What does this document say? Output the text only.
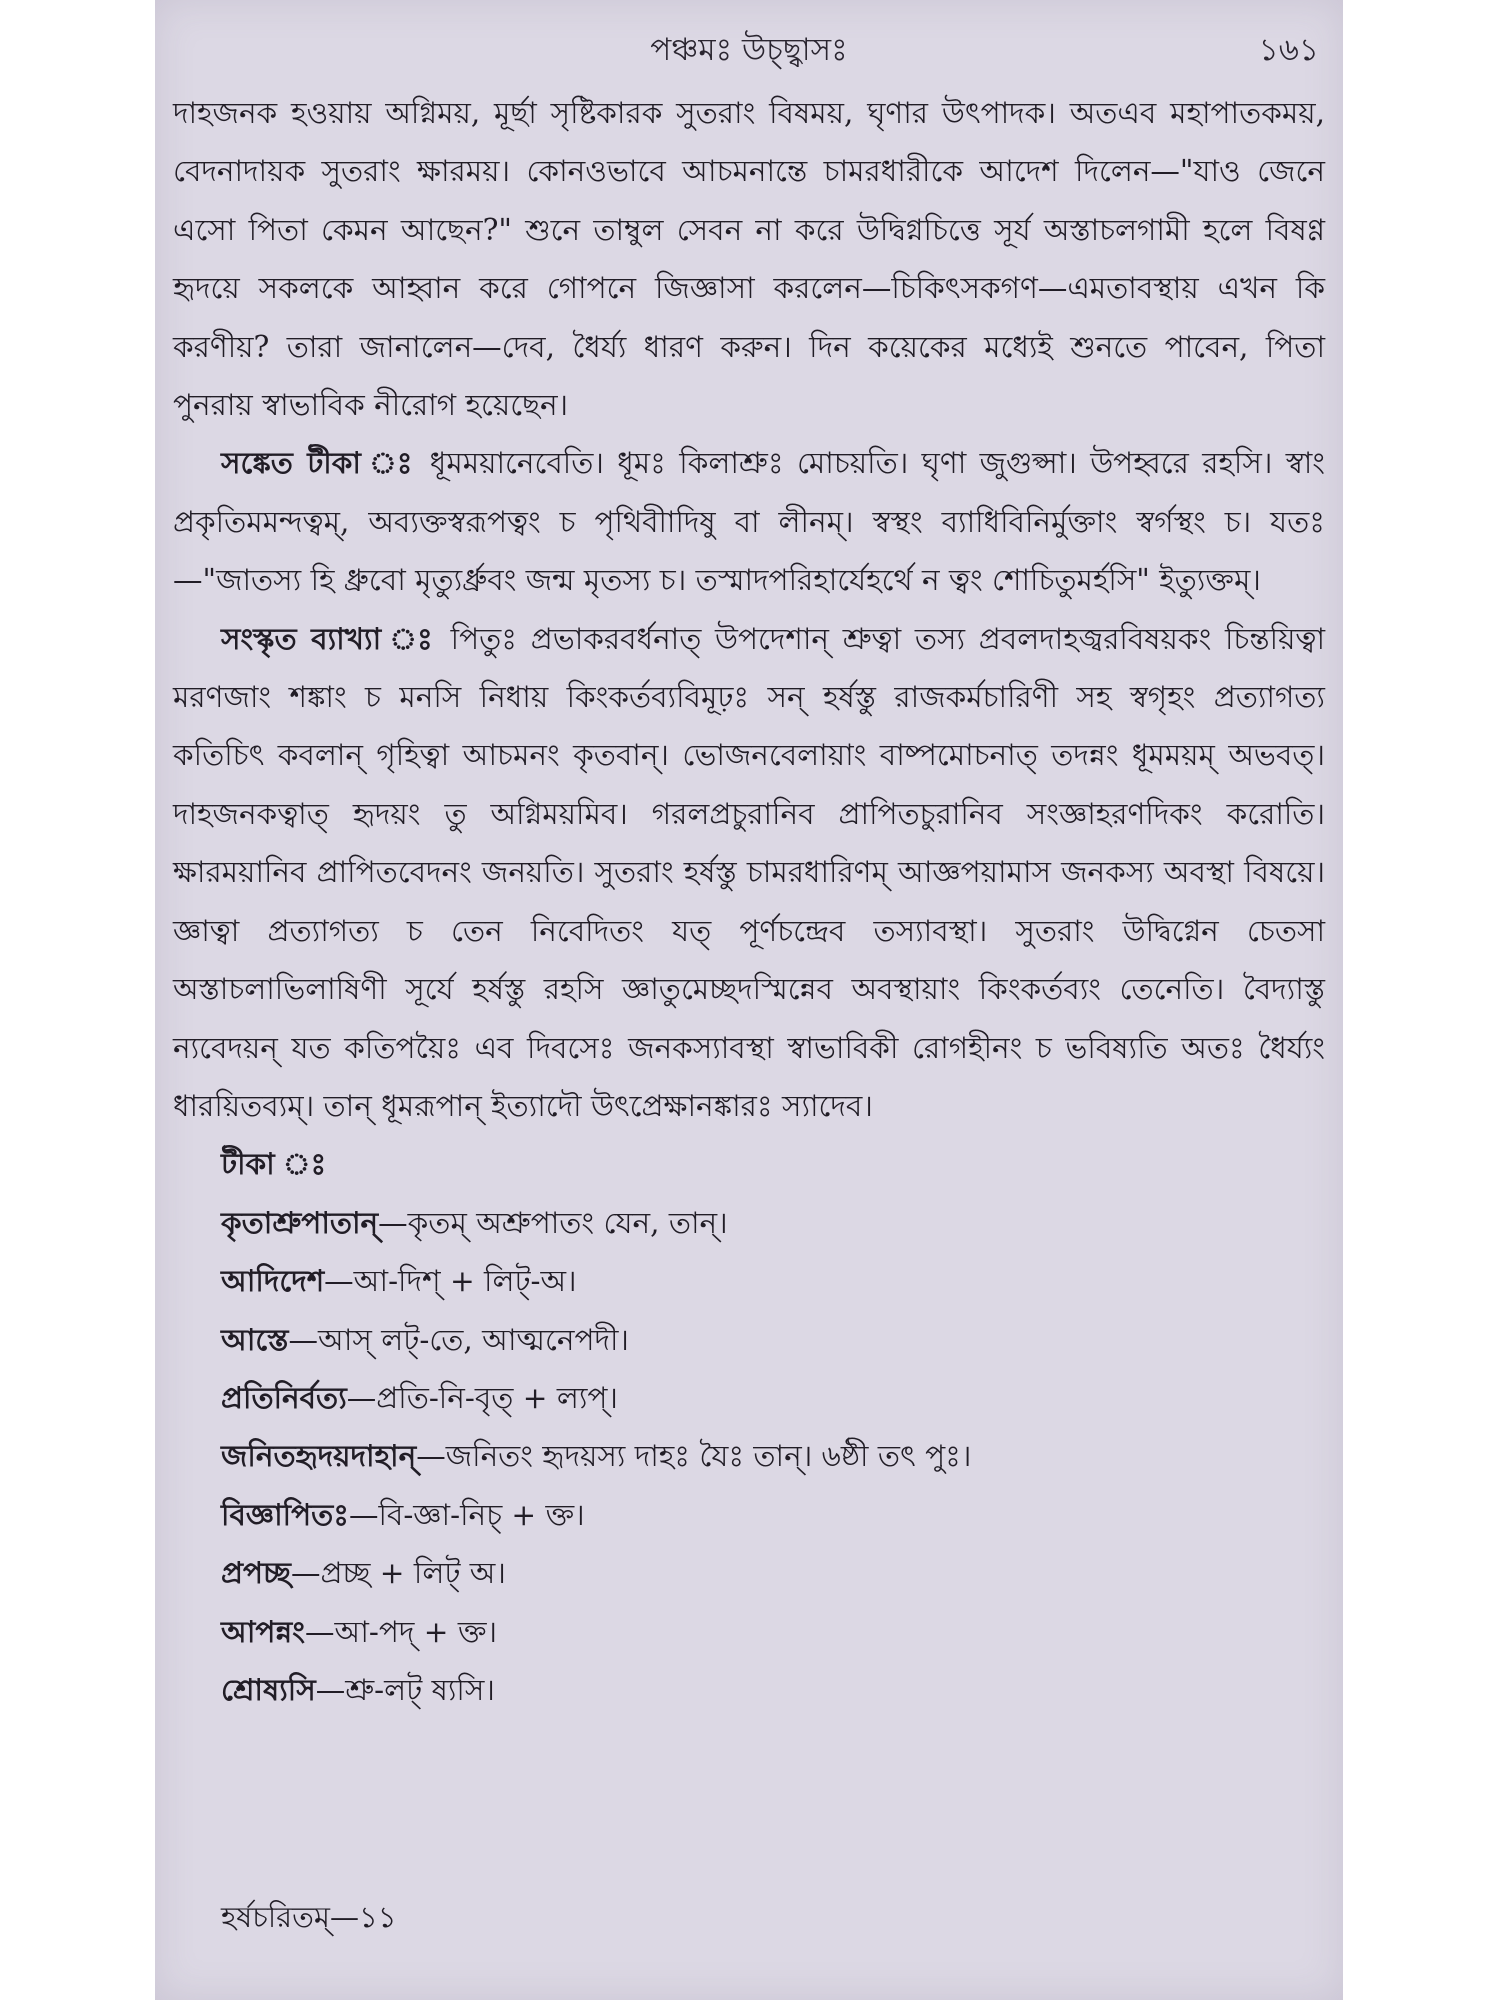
পঞ্চমঃ উচ্ছ্বাসঃ	১৬১

দাহজনক হওয়ায় অগ্নিময়, মূর্ছা সৃষ্টিকারক সুতরাং বিষময়, ঘৃণার উৎপাদক। অতএব মহাপাতকময়, বেদনাদায়ক সুতরাং ক্ষারময়। কোনওভাবে আচমনান্তে চামরধারীকে আদেশ দিলেন—"যাও জেনে এসো পিতা কেমন আছেন?" শুনে তাম্বুল সেবন না করে উদ্বিগ্নচিত্তে সূর্য অস্তাচলগামী হলে বিষণ্ণ হৃদয়ে সকলকে আহ্বান করে গোপনে জিজ্ঞাসা করলেন—চিকিৎসকগণ—এমতাবস্থায় এখন কি করণীয়? তারা জানালেন—দেব, ধৈর্য্য ধারণ করুন। দিন কয়েকের মধ্যেই শুনতে পাবেন, পিতা পুনরায় স্বাভাবিক নীরোগ হয়েছেন।

সঙ্কেত টীকা ঃ ধূমময়ানেবেতি। ধূমঃ কিলাশ্রুঃ মোচয়তি। ঘৃণা জুগুপ্সা। উপহ্বরে রহসি। স্বাং প্রকৃতিমমন্দত্বম্, অব্যক্তস্বরূপত্বং চ পৃথিবীাদিষু বা লীনম্। স্বস্থং ব্যাধিবিনির্মুক্তাং স্বর্গস্থং চ। যতঃ—"জাতস্য হি ধ্রুবো মৃত্যুর্ধ্রুবং জন্ম মৃতস্য চ। তস্মাদপরিহার্যেহর্থে ন ত্বং শোচিতুমর্হসি" ইত্যুক্তম্।

সংস্কৃত ব্যাখ্যা ঃ পিতুঃ প্রভাকরবর্ধনাত্ উপদেশান্ শ্রুত্বা তস্য প্রবলদাহজ্বরবিষয়কং চিন্তয়িত্বা মরণজাং শঙ্কাং চ মনসি নিধায় কিংকর্তব্যবিমূঢ়ঃ সন্ হর্ষস্তু রাজকর্মচারিণী সহ স্বগৃহং প্রত্যাগত্য কতিচিৎ কবলান্ গৃহিত্বা আচমনং কৃতবান্। ভোজনবেলায়াং বাষ্পমোচনাত্ তদন্নং ধূমময়ম্ অভবত্। দাহজনকত্বাত্ হৃদয়ং তু অগ্নিময়মিব। গরলপ্রচুরানিব প্রাপিতচুরানিব সংজ্ঞাহরণদিকং করোতি। ক্ষারময়ানিব প্রাপিতবেদনং জনয়তি। সুতরাং হর্ষস্তু চামরধারিণম্ আজ্ঞপয়ামাস জনকস্য অবস্থা বিষয়ে। জ্ঞাত্বা প্রত্যাগত্য চ তেন নিবেদিতং যত্ পূর্ণচন্দ্রেব তস্যাবস্থা। সুতরাং উদ্বিগ্নেন চেতসা অস্তাচলাভিলাষিণী সূর্যে হর্ষস্তু রহসি জ্ঞাতুমেচ্ছদস্মিন্নেব অবস্থায়াং কিংকর্তব্যং তেনেতি। বৈদ্যাস্তু ন্যবেদয়ন্ যত কতিপয়ৈঃ এব দিবসেঃ জনকস্যাবস্থা স্বাভাবিকী রোগহীনং চ ভবিষ্যতি অতঃ ধৈর্য্যং ধারয়িতব্যম্। তান্ ধূমরূপান্ ইত্যাদৌ উৎপ্রেক্ষানঙ্কারঃ স্যাদেব।

টীকা ঃ

কৃতাশ্রুপাতান্—কৃতম্ অশ্রুপাতং যেন, তান্।
আদিদেশ—আ-দিশ্ + লিট্-অ।
আস্তে—আস্ লট্-তে, আত্মনেপদী।
প্রতিনির্বত্য—প্রতি-নি-বৃত্ + ল্যপ্।
জনিতহৃদয়দাহান্—জনিতং হৃদয়স্য দাহঃ যৈঃ তান্। ৬ষ্ঠী তৎ পুঃ।
বিজ্ঞাপিতঃ—বি-জ্ঞা-নিচ্ + ক্ত।
প্রপচ্ছ—প্রচ্ছ + লিট্ অ।
আপন্নং—আ-পদ্ + ক্ত।
শ্রোষ্যসি—শ্রু-লট্ ষ্যসি।
হর্ষচরিতম্—১১
